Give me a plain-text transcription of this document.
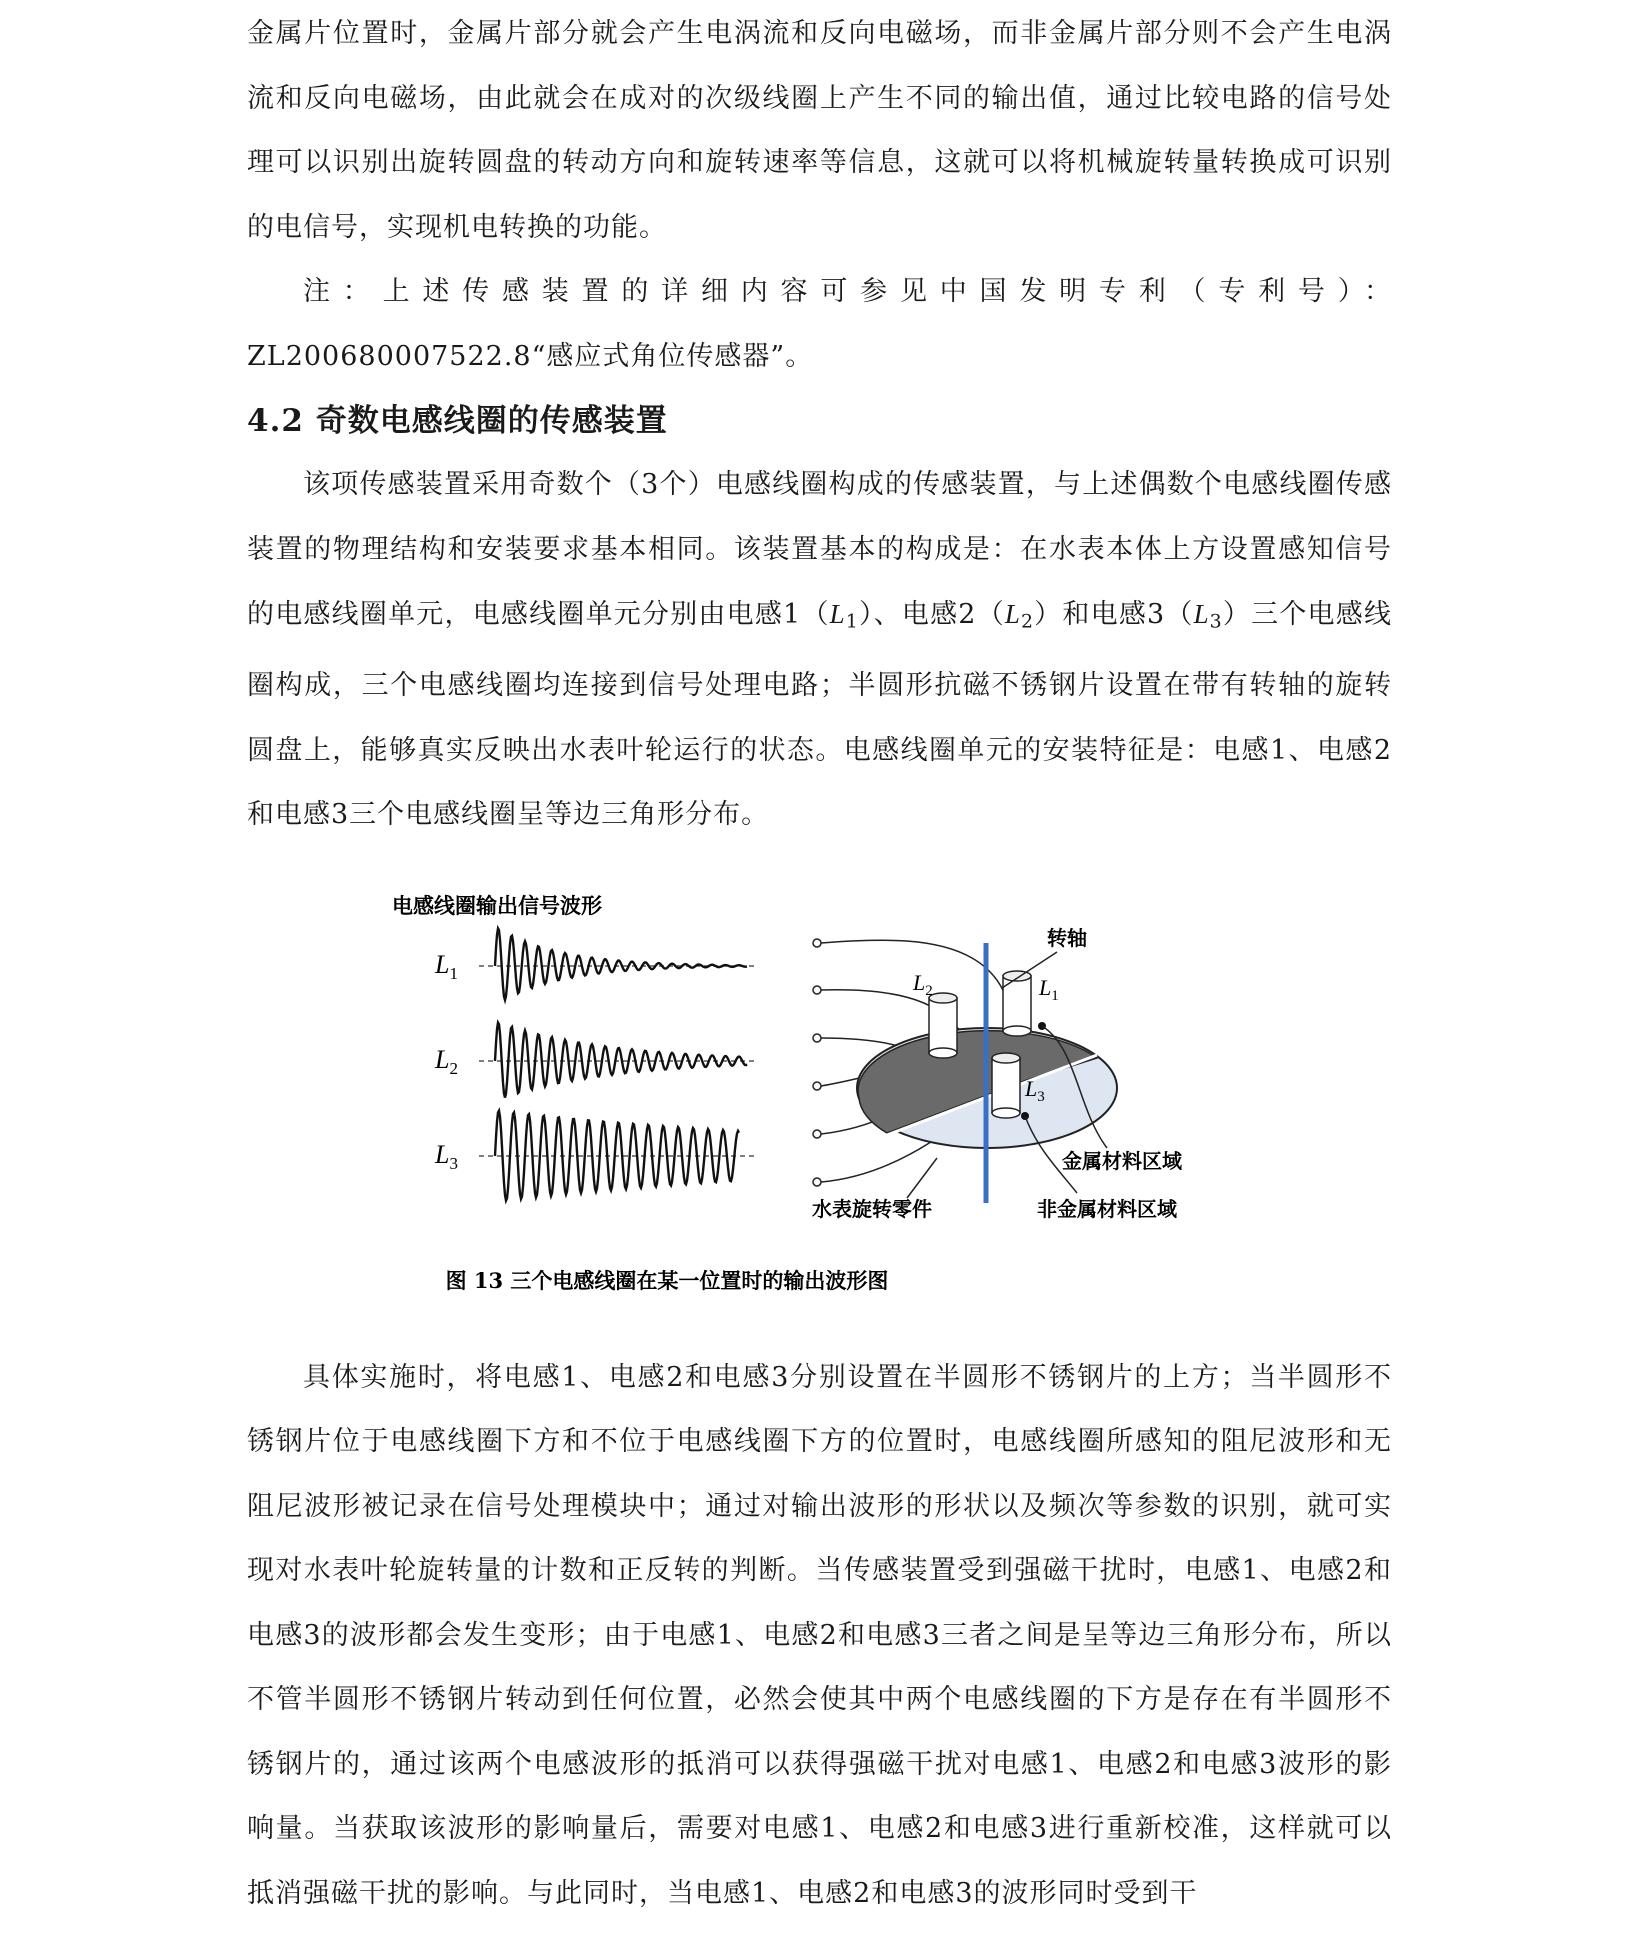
金属片位置时，金属片部分就会产生电涡流和反向电磁场，而非金属片部分则不会产生电涡流和反向电磁场，由此就会在成对的次级线圈上产生不同的输出值，通过比较电路的信号处理可以识别出旋转圆盘的转动方向和旋转速率等信息，这就可以将机械旋转量转换成可识别的电信号，实现机电转换的功能。

注：上述传感装置的详细内容可参见中国发明专利（专利号）：ZL200680007522.8“感应式角位传感器”。

4.2 奇数电感线圈的传感装置

该项传感装置采用奇数个（3个）电感线圈构成的传感装置，与上述偶数个电感线圈传感装置的物理结构和安装要求基本相同。该装置基本的构成是：在水表本体上方设置感知信号的电感线圈单元，电感线圈单元分别由电感$1(L_1)$、电感$2(L_2)$和电感$3(L_3)$三个电感线圈构成，三个电感线圈均连接到信号处理电路；半圆形抗磁不锈钢片设置在带有转轴的旋转圆盘上，能够真实反映出水表叶轮运行的状态。电感线圈单元的安装特征是：电感1、电感2和电感3三个电感线圈呈等边三角形分布。

电感线圈输出信号波形
$L_1$
$L_2$
$L_3$
$L_2$	$L_1$
$L_3$
转轴
金属材料区域
非金属材料区域
水表旋转零件
图 13 三个电感线圈在某一位置时的输出波形图

具体实施时，将电感1、电感2和电感3分别设置在半圆形不锈钢片的上方；当半圆形不锈钢片位于电感线圈下方和不位于电感线圈下方的位置时，电感线圈所感知的阻尼波形和无阻尼波形被记录在信号处理模块中；通过对输出波形的形状以及频次等参数的识别，就可实现对水表叶轮旋转量的计数和正反转的判断。当传感装置受到强磁干扰时，电感1、电感2和电感3的波形都会发生变形；由于电感1、电感2和电感3三者之间是呈等边三角形分布，所以不管半圆形不锈钢片转动到任何位置，必然会使其中两个电感线圈的下方是存在有半圆形不锈钢片的，通过该两个电感波形的抵消可以获得强磁干扰对电感1、电感2和电感3波形的影响量。当获取该波形的影响量后，需要对电感1、电感2和电感3进行重新校准，这样就可以抵消强磁干扰的影响。与此同时，当电感1、电感2和电感3的波形同时受到干
